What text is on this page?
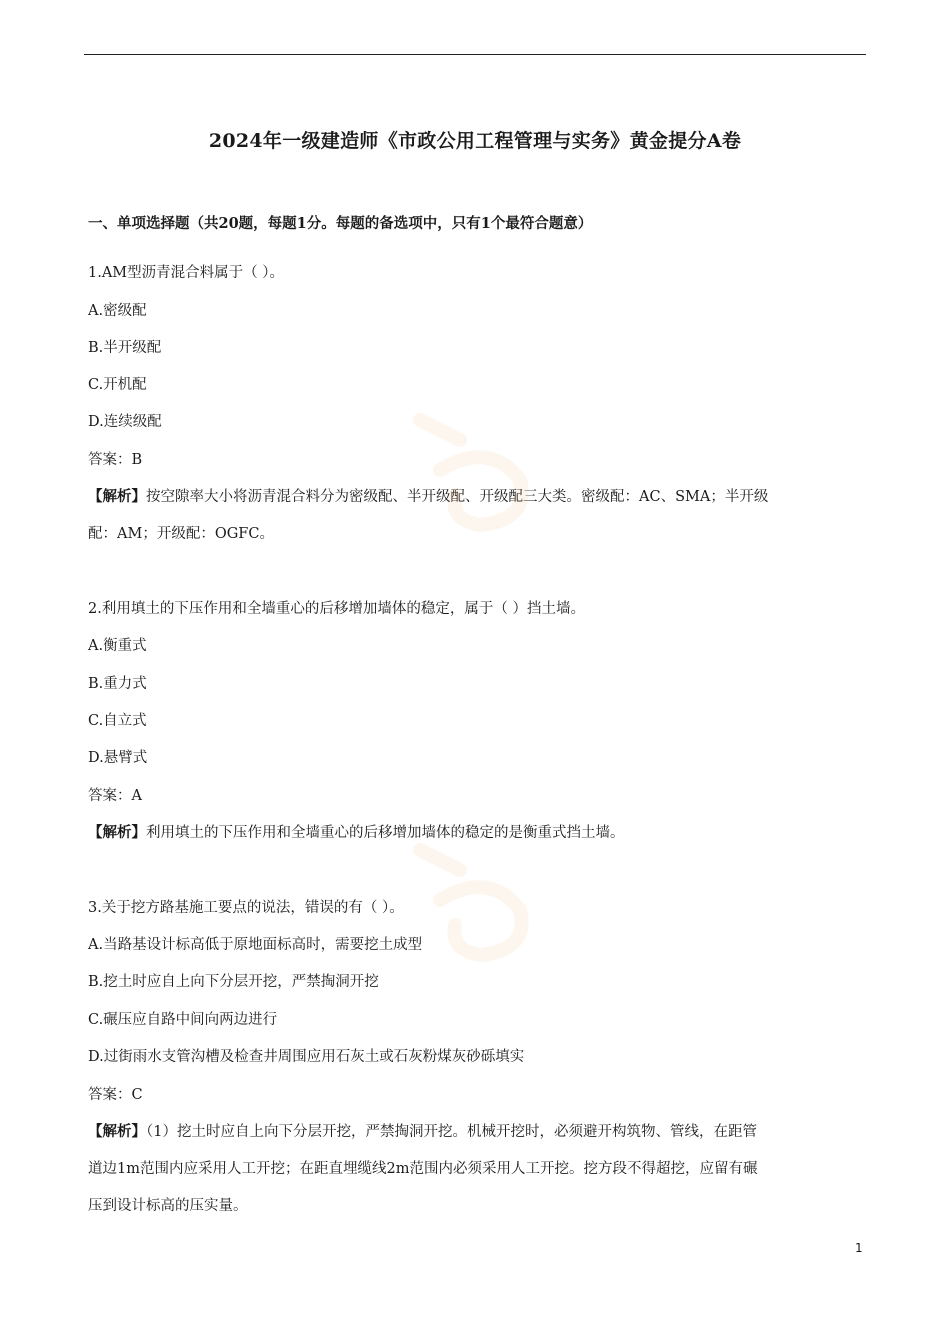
2024年一级建造师《市政公用工程管理与实务》黄金提分A卷
一、单项选择题（共20题，每题1分。每题的备选项中，只有1个最符合题意）
1.AM型沥青混合料属于（ ）。
A.密级配
B.半开级配
C.开机配
D.连续级配
答案：B
【解析】按空隙率大小将沥青混合料分为密级配、半开级配、开级配三大类。密级配：AC、SMA；半开级
配：AM；开级配：OGFC。
2.利用填土的下压作用和全墙重心的后移增加墙体的稳定，属于（ ）挡土墙。
A.衡重式
B.重力式
C.自立式
D.悬臂式
答案：A
【解析】利用填土的下压作用和全墙重心的后移增加墙体的稳定的是衡重式挡土墙。
3.关于挖方路基施工要点的说法，错误的有（ ）。
A.当路基设计标高低于原地面标高时，需要挖土成型
B.挖土时应自上向下分层开挖，严禁掏洞开挖
C.碾压应自路中间向两边进行
D.过街雨水支管沟槽及检查井周围应用石灰土或石灰粉煤灰砂砾填实
答案：C
【解析】（1）挖土时应自上向下分层开挖，严禁掏洞开挖。机械开挖时，必须避开构筑物、管线，在距管
道边1m范围内应采用人工开挖；在距直埋缆线2m范围内必须采用人工开挖。挖方段不得超挖，应留有碾
压到设计标高的压实量。
1
